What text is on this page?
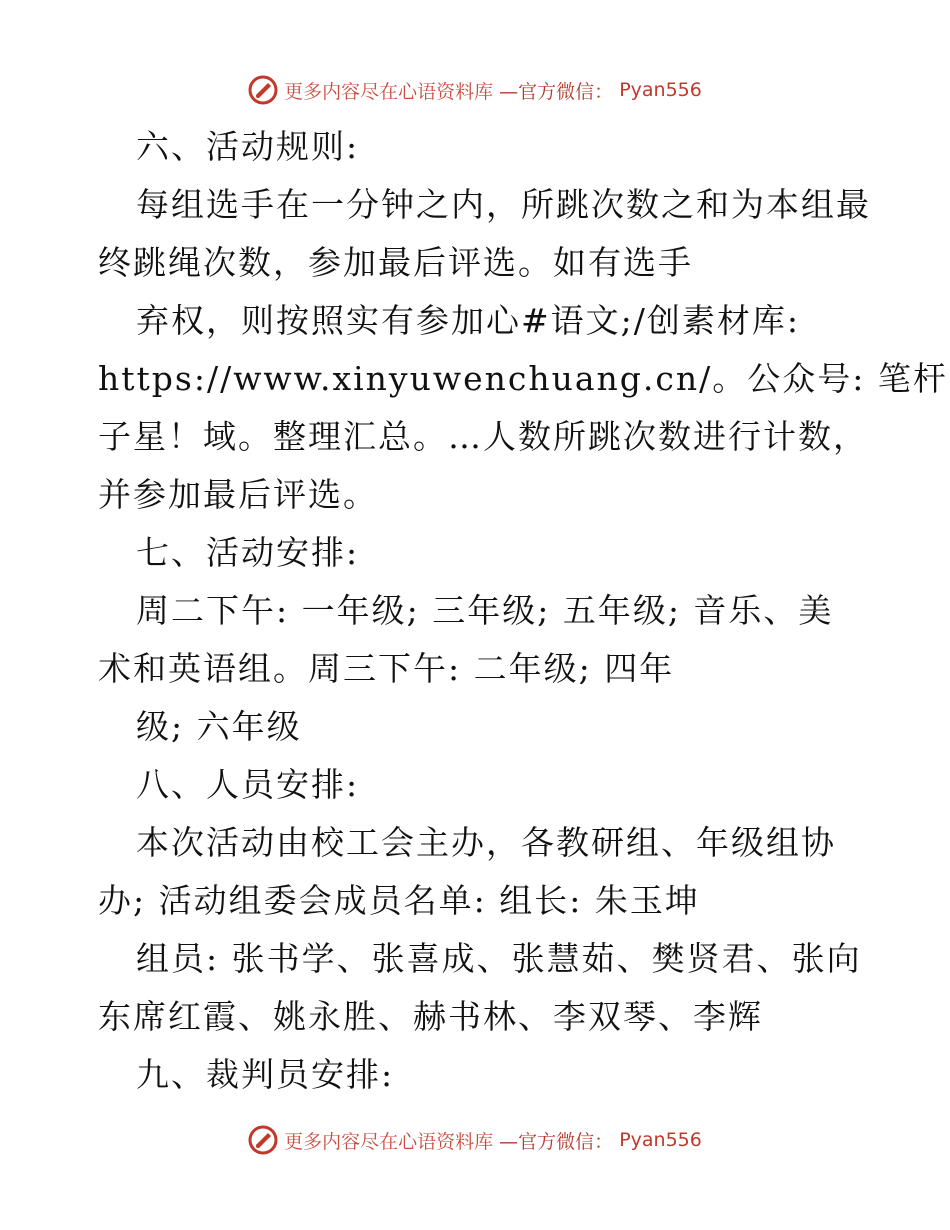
更多内容尽在心语资料库 —官方微信： Pyan556
六、活动规则:
每组选手在一分钟之内，所跳次数之和为本组最
终跳绳次数，参加最后评选。如有选手
弃权，则按照实有参加心#语文;/创素材库:
https://www.xinyuwenchuang.cn/。公众号: 笔杆
子星！域。整理汇总。…人数所跳次数进行计数，
并参加最后评选。
七、活动安排:
周二下午: 一年级; 三年级; 五年级; 音乐、美
术和英语组。周三下午: 二年级; 四年
级; 六年级
八、人员安排:
本次活动由校工会主办，各教研组、年级组协
办; 活动组委会成员名单: 组长: 朱玉坤
组员: 张书学、张喜成、张慧茹、樊贤君、张向
东席红霞、姚永胜、赫书林、李双琴、李辉
九、裁判员安排:
更多内容尽在心语资料库 —官方微信： Pyan556
